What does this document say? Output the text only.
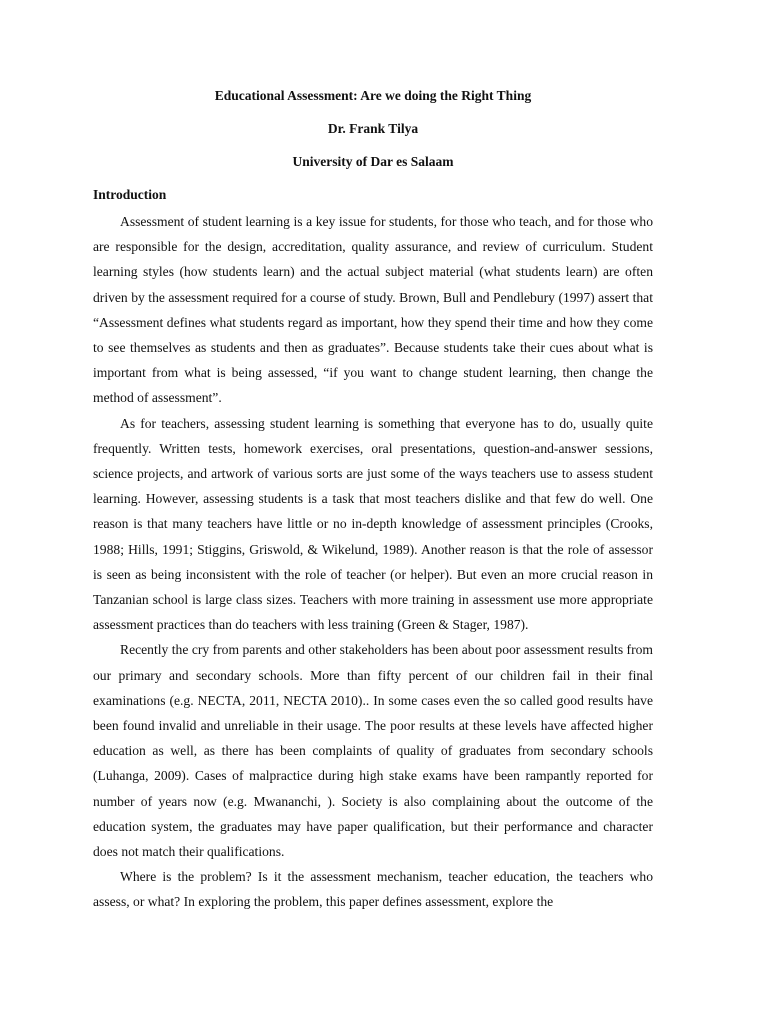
Educational Assessment: Are we doing the Right Thing
Dr. Frank Tilya
University of Dar es Salaam
Introduction

Assessment of student learning is a key issue for students, for those who teach, and for those who are responsible for the design, accreditation, quality assurance, and review of curriculum. Student learning styles (how students learn) and the actual subject material (what students learn) are often driven by the assessment required for a course of study. Brown, Bull and Pendlebury (1997) assert that “Assessment defines what students regard as important, how they spend their time and how they come to see themselves as students and then as graduates”. Because students take their cues about what is important from what is being assessed, “if you want to change student learning, then change the method of assessment”.

As for teachers, assessing student learning is something that everyone has to do, usually quite frequently. Written tests, homework exercises, oral presentations, question-and-answer sessions, science projects, and artwork of various sorts are just some of the ways teachers use to assess student learning. However, assessing students is a task that most teachers dislike and that few do well. One reason is that many teachers have little or no in-depth knowledge of assessment principles (Crooks, 1988; Hills, 1991; Stiggins, Griswold, & Wikelund, 1989). Another reason is that the role of assessor is seen as being inconsistent with the role of teacher (or helper). But even an more crucial reason in Tanzanian school is large class sizes. Teachers with more training in assessment use more appropriate assessment practices than do teachers with less training (Green & Stager, 1987).

Recently the cry from parents and other stakeholders has been about poor assessment results from our primary and secondary schools. More than fifty percent of our children fail in their final examinations (e.g. NECTA, 2011, NECTA 2010).. In some cases even the so called good results have been found invalid and unreliable in their usage. The poor results at these levels have affected higher education as well, as there has been complaints of quality of graduates from secondary schools (Luhanga, 2009). Cases of malpractice during high stake exams have been rampantly reported for number of years now (e.g. Mwananchi, ). Society is also complaining about the outcome of the education system, the graduates may have paper qualification, but their performance and character does not match their qualifications.

Where is the problem? Is it the assessment mechanism, teacher education, the teachers who assess, or what? In exploring the problem, this paper defines assessment, explore the
